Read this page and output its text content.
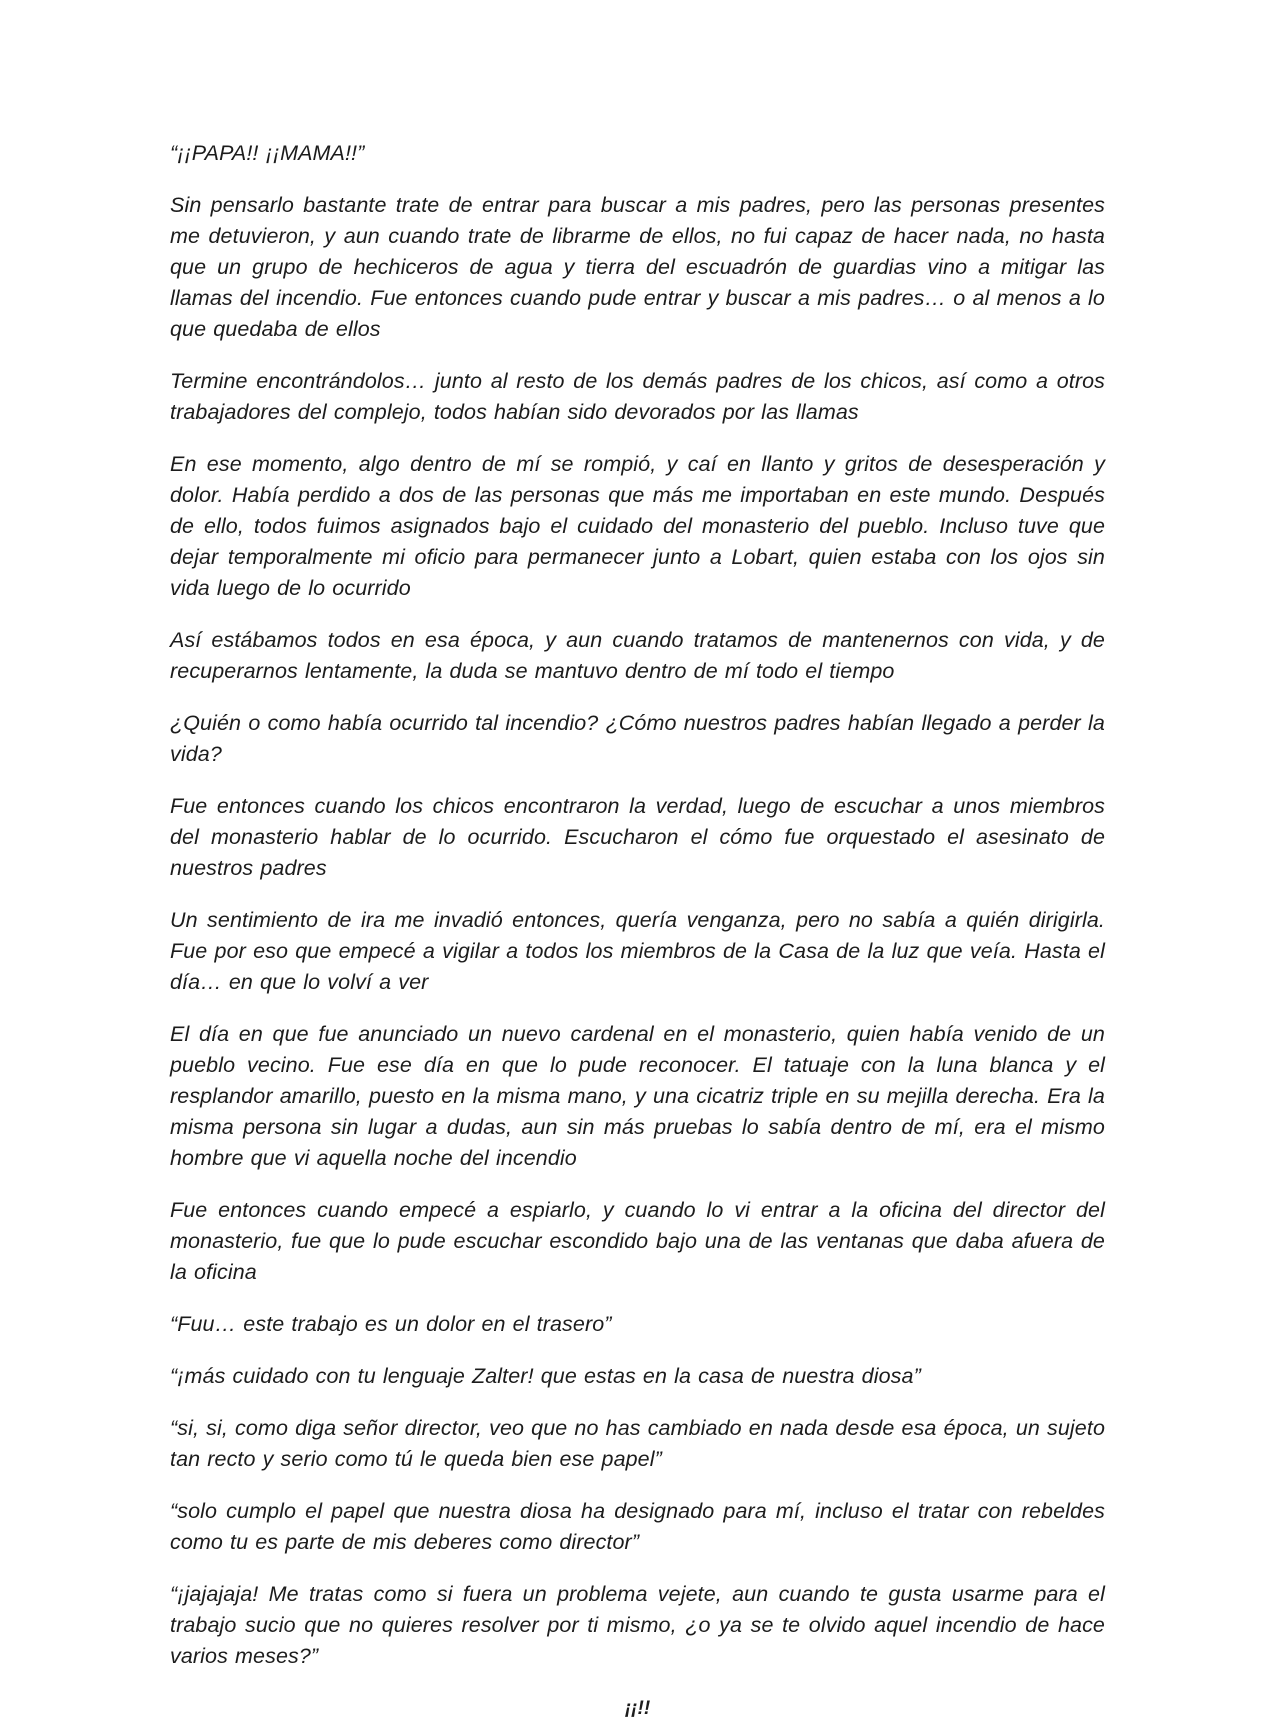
“¡¡PAPA!! ¡¡MAMA!!”

Sin pensarlo bastante trate de entrar para buscar a mis padres, pero las personas presentes me detuvieron, y aun cuando trate de librarme de ellos, no fui capaz de hacer nada, no hasta que un grupo de hechiceros de agua y tierra del escuadrón de guardias vino a mitigar las llamas del incendio. Fue entonces cuando pude entrar y buscar a mis padres… o al menos a lo que quedaba de ellos

Termine encontrándolos… junto al resto de los demás padres de los chicos, así como a otros trabajadores del complejo, todos habían sido devorados por las llamas

En ese momento, algo dentro de mí se rompió, y caí en llanto y gritos de desesperación y dolor. Había perdido a dos de las personas que más me importaban en este mundo. Después de ello, todos fuimos asignados bajo el cuidado del monasterio del pueblo. Incluso tuve que dejar temporalmente mi oficio para permanecer junto a Lobart, quien estaba con los ojos sin vida luego de lo ocurrido

Así estábamos todos en esa época, y aun cuando tratamos de mantenernos con vida, y de recuperarnos lentamente, la duda se mantuvo dentro de mí todo el tiempo

¿Quién o como había ocurrido tal incendio? ¿Cómo nuestros padres habían llegado a perder la vida?

Fue entonces cuando los chicos encontraron la verdad, luego de escuchar a unos miembros del monasterio hablar de lo ocurrido. Escucharon el cómo fue orquestado el asesinato de nuestros padres

Un sentimiento de ira me invadió entonces, quería venganza, pero no sabía a quién dirigirla. Fue por eso que empecé a vigilar a todos los miembros de la Casa de la luz que veía. Hasta el día… en que lo volví a ver

El día en que fue anunciado un nuevo cardenal en el monasterio, quien había venido de un pueblo vecino. Fue ese día en que lo pude reconocer. El tatuaje con la luna blanca y el resplandor amarillo, puesto en la misma mano, y una cicatriz triple en su mejilla derecha. Era la misma persona sin lugar a dudas, aun sin más pruebas lo sabía dentro de mí, era el mismo hombre que vi aquella noche del incendio

Fue entonces cuando empecé a espiarlo, y cuando lo vi entrar a la oficina del director del monasterio, fue que lo pude escuchar escondido bajo una de las ventanas que daba afuera de la oficina

“Fuu… este trabajo es un dolor en el trasero”

“¡más cuidado con tu lenguaje Zalter! que estas en la casa de nuestra diosa”

“si, si, como diga señor director, veo que no has cambiado en nada desde esa época, un sujeto tan recto y serio como tú le queda bien ese papel”

“solo cumplo el papel que nuestra diosa ha designado para mí, incluso el tratar con rebeldes como tu es parte de mis deberes como director”

“¡jajajaja! Me tratas como si fuera un problema vejete, aun cuando te gusta usarme para el trabajo sucio que no quieres resolver por ti mismo, ¿o ya se te olvido aquel incendio de hace varios meses?”

¡¡!!
